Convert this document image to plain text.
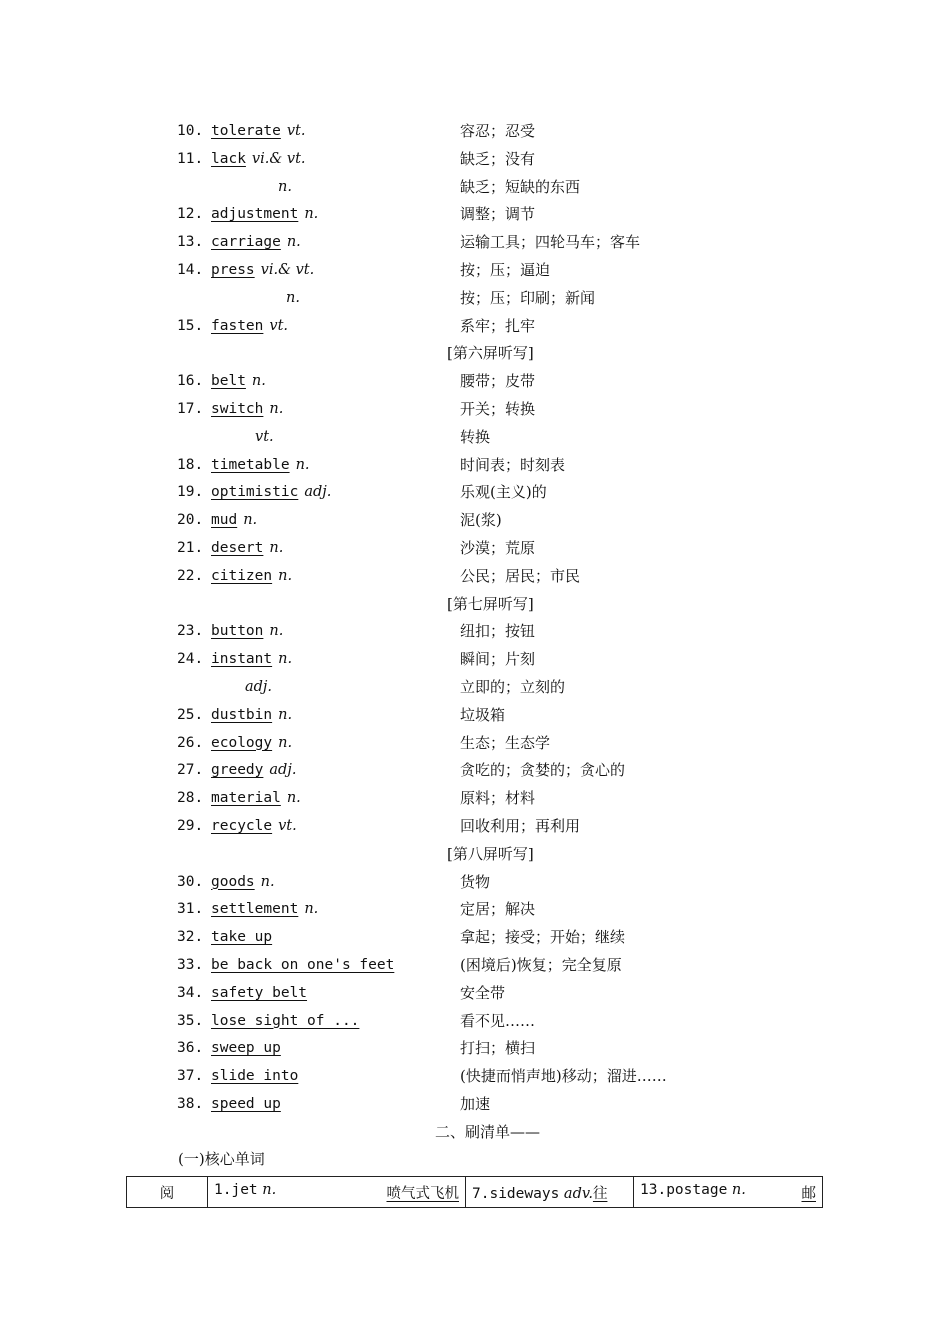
10. tolerate vt.	容忍；忍受
11. lack vi.& vt.	缺乏；没有
n.	缺乏；短缺的东西
12. adjustment n.	调整；调节
13. carriage n.	运输工具；四轮马车；客车
14. press vi.& vt.	按；压；逼迫
n.	按；压；印刷；新闻
15. fasten vt.	系牢；扎牢
[第六屏听写]
16. belt n.	腰带；皮带
17. switch n.	开关；转换
vt.	转换
18. timetable n.	时间表；时刻表
19. optimistic adj.	乐观(主义)的
20. mud n.	泥(浆)
21. desert n.	沙漠；荒原
22. citizen n.	公民；居民；市民
[第七屏听写]
23. button n.	纽扣；按钮
24. instant n.	瞬间；片刻
adj.	立即的；立刻的
25. dustbin n.	垃圾箱
26. ecology n.	生态；生态学
27. greedy adj.	贪吃的；贪婪的；贪心的
28. material n.	原料；材料
29. recycle vt.	回收利用；再利用
[第八屏听写]
30. goods n.	货物
31. settlement n.	定居；解决
32. take up	拿起；接受；开始；继续
33. be back on one's feet	(困境后)恢复；完全复原
34. safety belt	安全带
35. lose sight of ...	看不见……
36. sweep up	打扫；横扫
37. slide into	(快捷而悄声地)移动；溜进……
38. speed up	加速
二、刷清单——
(一)核心单词
阅	1.jet n.	喷气式飞机	7.sideways adv.往	13.postage n.	邮
